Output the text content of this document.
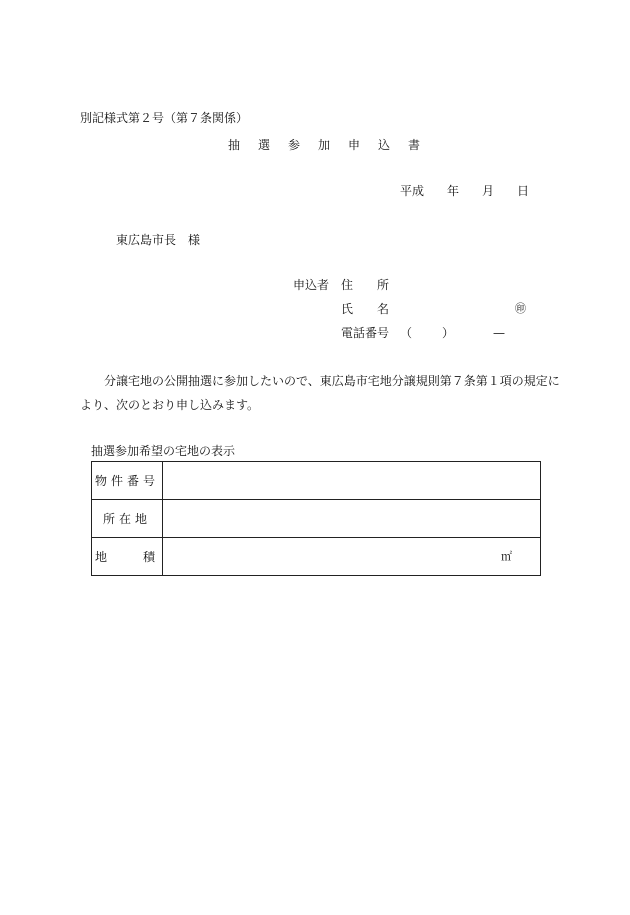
別記様式第２号（第７条関係）
抽　選　参　加　申　込　書
平成 年 月 日
東広島市長　様
申込者 住　　所
氏　　名	㊞
電話番号 （ ）	—
分譲宅地の公開抽選に参加したいので、東広島市宅地分譲規則第７条第１項の規定に
より、次のとおり申し込みます。
抽選参加希望の宅地の表示
物件番号	
所在地	
地　　積	㎡
